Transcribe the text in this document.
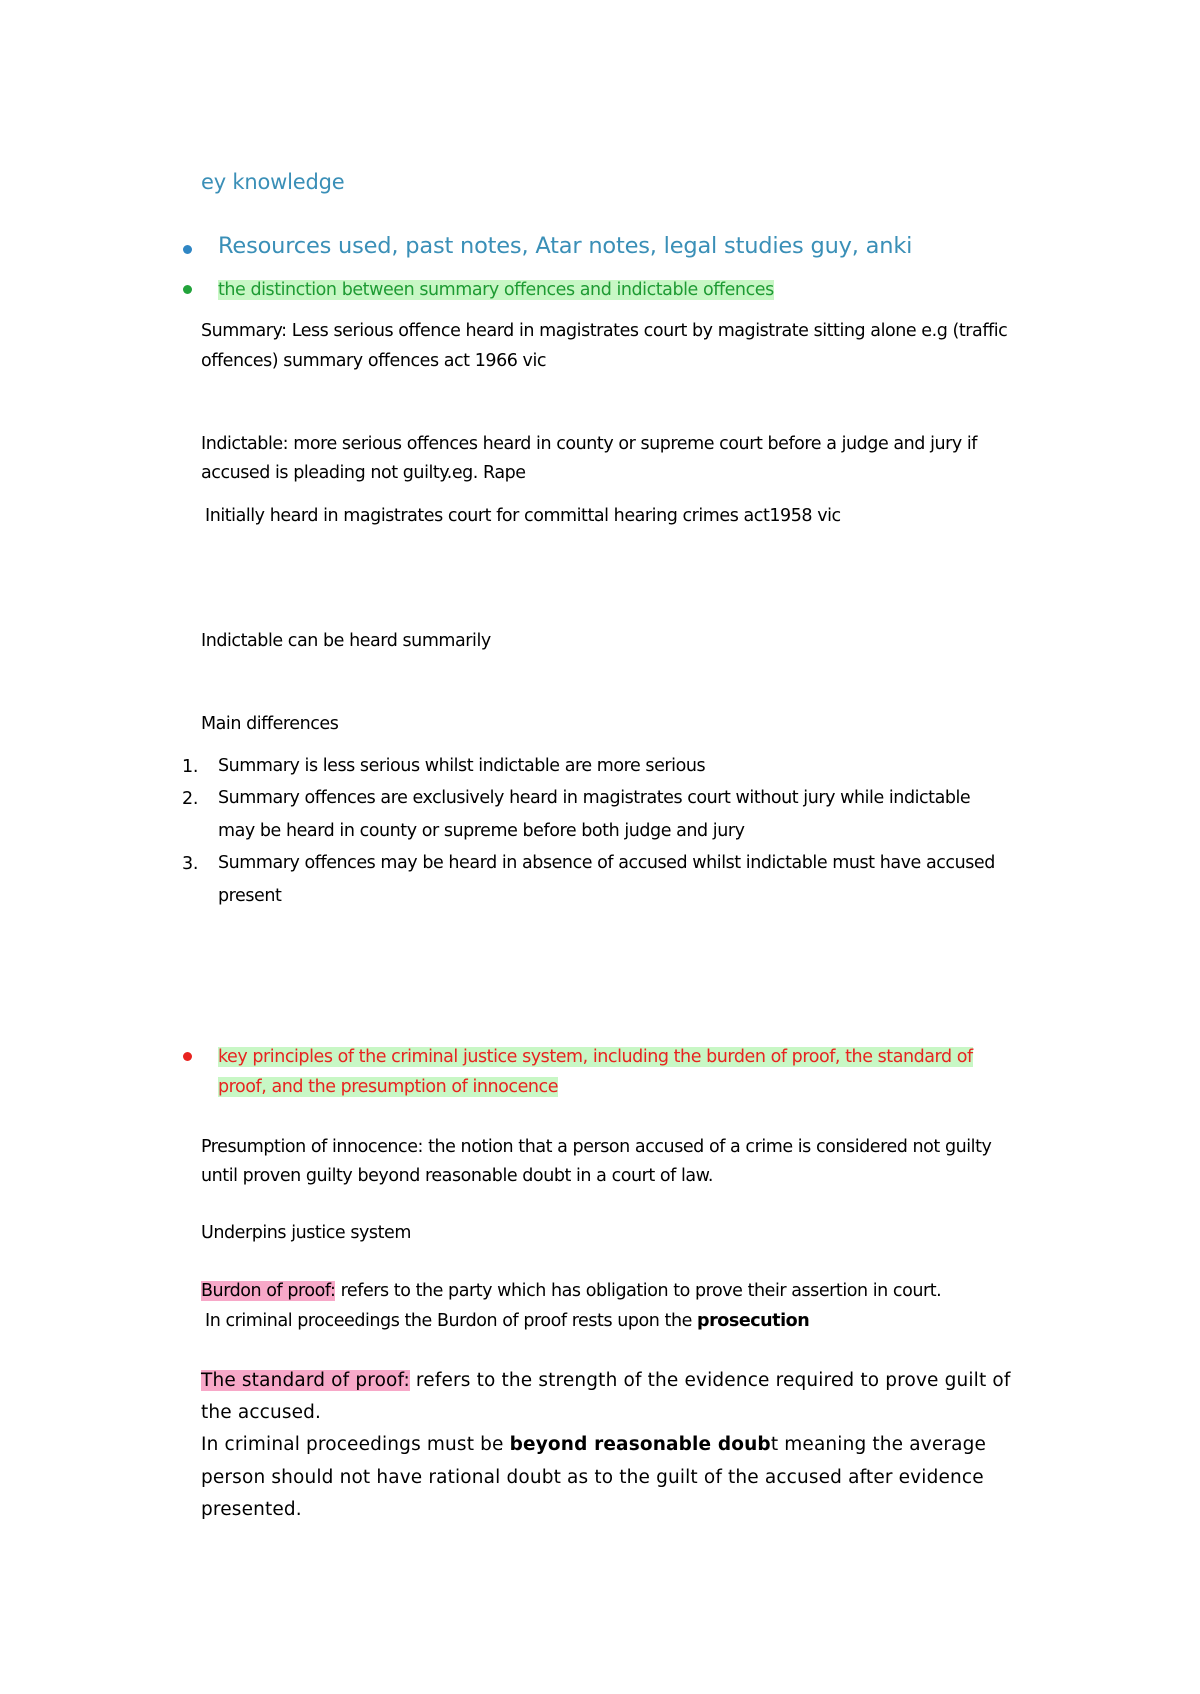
ey knowledge
Resources used, past notes, Atar notes, legal studies guy, anki
the distinction between summary offences and indictable offences
Summary: Less serious offence heard in magistrates court by magistrate sitting alone e.g (traffic
offences) summary offences act 1966 vic
Indictable: more serious offences heard in county or supreme court before a judge and jury if
accused is pleading not guilty.eg. Rape
Initially heard in magistrates court for committal hearing crimes act1958 vic
Indictable can be heard summarily
Main differences
1. Summary is less serious whilst indictable are more serious
2. Summary offences are exclusively heard in magistrates court without jury while indictable
may be heard in county or supreme before both judge and jury
3. Summary offences may be heard in absence of accused whilst indictable must have accused
present
key principles of the criminal justice system, including the burden of proof, the standard of
proof, and the presumption of innocence
Presumption of innocence: the notion that a person accused of a crime is considered not guilty
until proven guilty beyond reasonable doubt in a court of law.
Underpins justice system
Burdon of proof: refers to the party which has obligation to prove their assertion in court.
In criminal proceedings the Burdon of proof rests upon the prosecution
The standard of proof: refers to the strength of the evidence required to prove guilt of
the accused.
In criminal proceedings must be beyond reasonable doubt meaning the average
person should not have rational doubt as to the guilt of the accused after evidence
presented.
